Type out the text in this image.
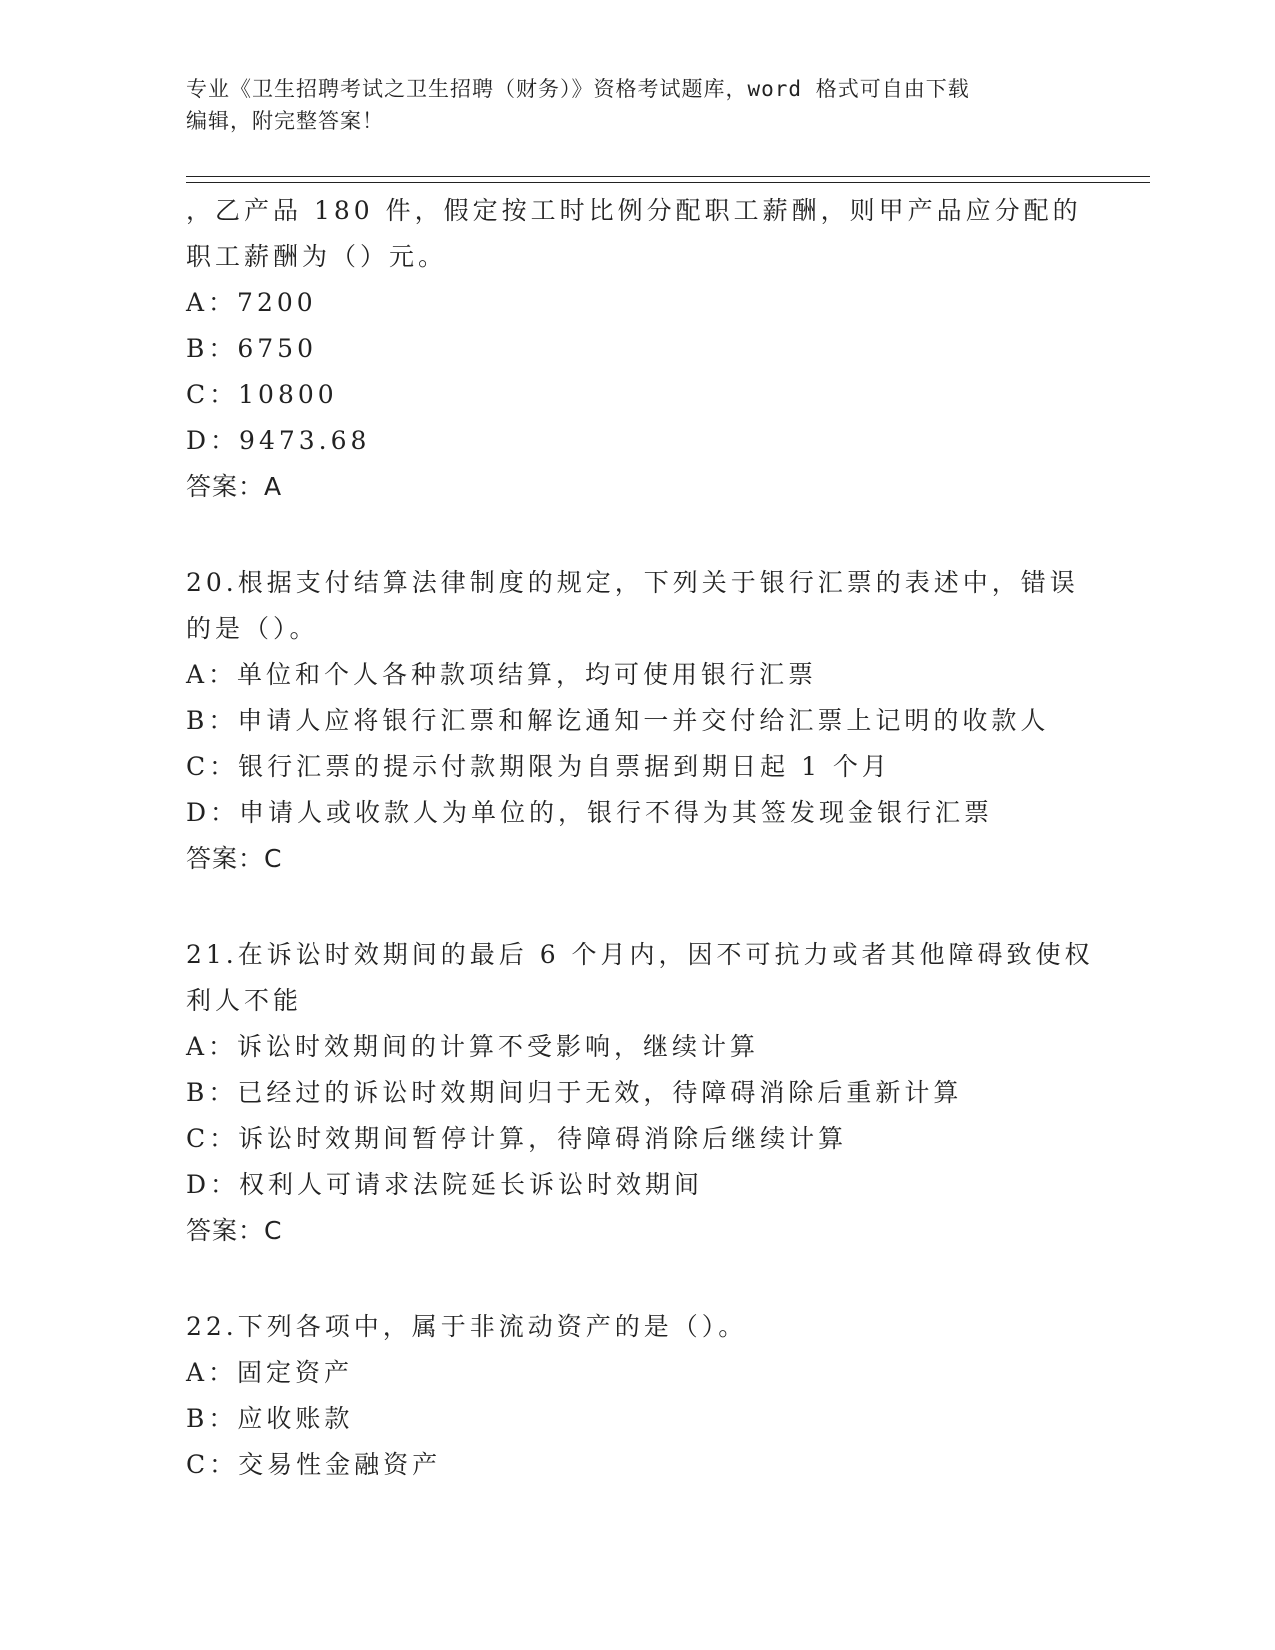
专业《卫生招聘考试之卫生招聘（财务）》资格考试题库，word 格式可自由下载
编辑，附完整答案！
，乙产品 180 件，假定按工时比例分配职工薪酬，则甲产品应分配的
职工薪酬为（）元。
A：7200
B：6750
C：10800
D：9473.68
答案：A
20.根据支付结算法律制度的规定，下列关于银行汇票的表述中，错误
的是（）。
A：单位和个人各种款项结算，均可使用银行汇票
B：申请人应将银行汇票和解讫通知一并交付给汇票上记明的收款人
C：银行汇票的提示付款期限为自票据到期日起 1 个月
D：申请人或收款人为单位的，银行不得为其签发现金银行汇票
答案：C
21.在诉讼时效期间的最后 6 个月内，因不可抗力或者其他障碍致使权
利人不能
A：诉讼时效期间的计算不受影响，继续计算
B：已经过的诉讼时效期间归于无效，待障碍消除后重新计算
C：诉讼时效期间暂停计算，待障碍消除后继续计算
D：权利人可请求法院延长诉讼时效期间
答案：C
22.下列各项中，属于非流动资产的是（）。
A：固定资产
B：应收账款
C：交易性金融资产
